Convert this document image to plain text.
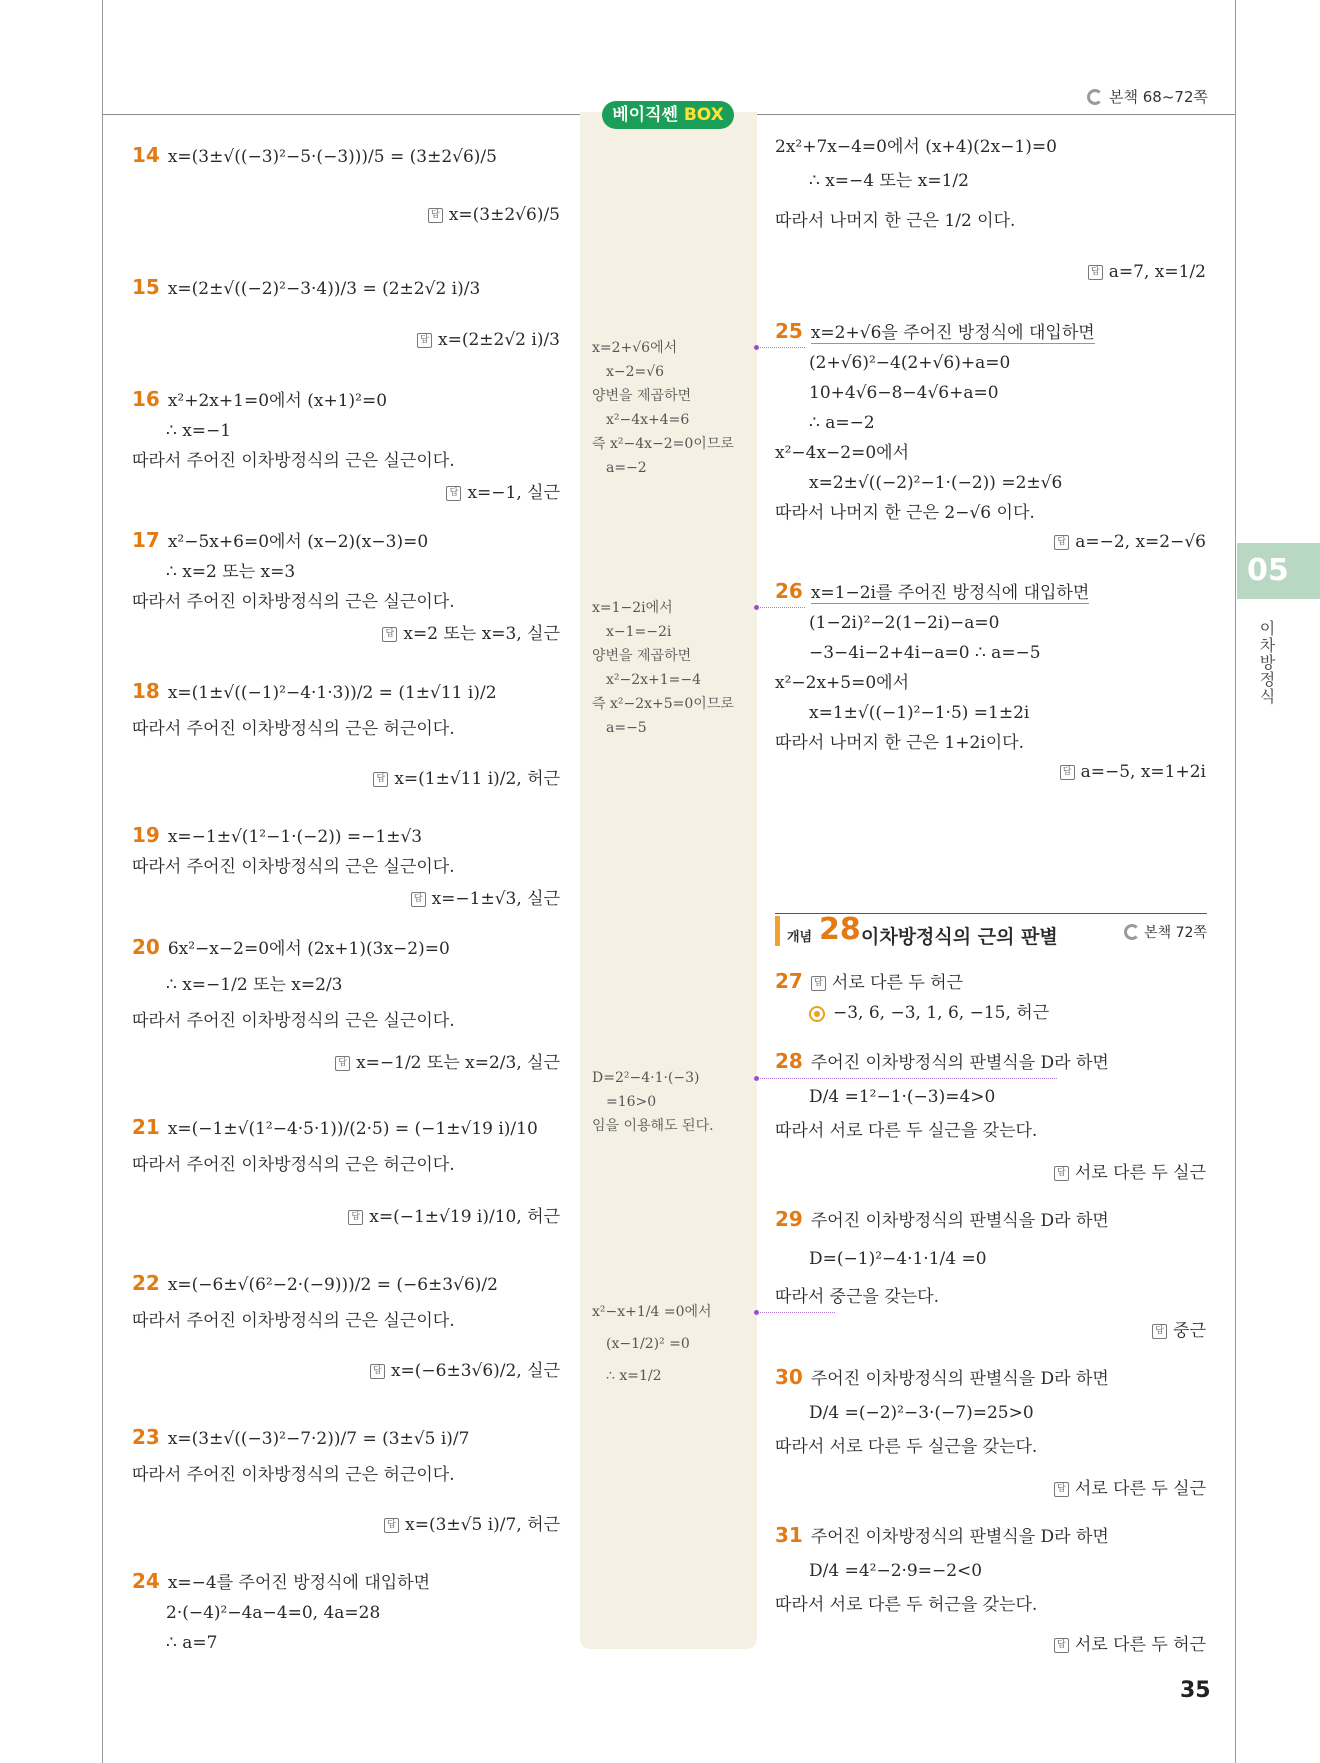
본책 68~72쪽
베이직쎈 BOX
05
이차방정식
35
14 x=(3±√((−3)²−5·(−3)))/5 = (3±2√6)/5
답 x=(3±2√6)/5
15 x=(2±√((−2)²−3·4))/3 = (2±2√2 i)/3
답 x=(2±2√2 i)/3
16 x²+2x+1=0에서 (x+1)²=0
∴ x=−1
따라서 주어진 이차방정식의 근은 실근이다.
답 x=−1, 실근
17 x²−5x+6=0에서 (x−2)(x−3)=0
∴ x=2 또는 x=3
따라서 주어진 이차방정식의 근은 실근이다.
답 x=2 또는 x=3, 실근
18 x=(1±√((−1)²−4·1·3))/2 = (1±√11 i)/2
따라서 주어진 이차방정식의 근은 허근이다.
답 x=(1±√11 i)/2, 허근
19 x=−1±√(1²−1·(−2)) =−1±√3
따라서 주어진 이차방정식의 근은 실근이다.
답 x=−1±√3, 실근
20 6x²−x−2=0에서 (2x+1)(3x−2)=0
∴ x=−1/2 또는 x=2/3
따라서 주어진 이차방정식의 근은 실근이다.
답 x=−1/2 또는 x=2/3, 실근
21 x=(−1±√(1²−4·5·1))/(2·5) = (−1±√19 i)/10
따라서 주어진 이차방정식의 근은 허근이다.
답 x=(−1±√19 i)/10, 허근
22 x=(−6±√(6²−2·(−9)))/2 = (−6±3√6)/2
따라서 주어진 이차방정식의 근은 실근이다.
답 x=(−6±3√6)/2, 실근
23 x=(3±√((−3)²−7·2))/7 = (3±√5 i)/7
따라서 주어진 이차방정식의 근은 허근이다.
답 x=(3±√5 i)/7, 허근
24 x=−4를 주어진 방정식에 대입하면
2·(−4)²−4a−4=0, 4a=28
∴ a=7
x=2+√6에서
x−2=√6
양변을 제곱하면
x²−4x+4=6
즉 x²−4x−2=0이므로
a=−2
x=1−2i에서
x−1=−2i
양변을 제곱하면
x²−2x+1=−4
즉 x²−2x+5=0이므로
a=−5
D=2²−4·1·(−3)
=16>0
임을 이용해도 된다.
x²−x+1/4 =0에서
(x−1/2)² =0
∴ x=1/2
2x²+7x−4=0에서 (x+4)(2x−1)=0
∴ x=−4 또는 x=1/2
따라서 나머지 한 근은 1/2 이다.
답 a=7, x=1/2
25 x=2+√6을 주어진 방정식에 대입하면
(2+√6)²−4(2+√6)+a=0
10+4√6−8−4√6+a=0
∴ a=−2
x²−4x−2=0에서
x=2±√((−2)²−1·(−2)) =2±√6
따라서 나머지 한 근은 2−√6 이다.
답 a=−2, x=2−√6
26 x=1−2i를 주어진 방정식에 대입하면
(1−2i)²−2(1−2i)−a=0
−3−4i−2+4i−a=0 ∴ a=−5
x²−2x+5=0에서
x=1±√((−1)²−1·5) =1±2i
따라서 나머지 한 근은 1+2i이다.
답 a=−5, x=1+2i
개념 28 이차방정식의 근의 판별	본책 72쪽
27 답 서로 다른 두 허근
−3, 6, −3, 1, 6, −15, 허근
28 주어진 이차방정식의 판별식을 D라 하면
D/4 =1²−1·(−3)=4>0
따라서 서로 다른 두 실근을 갖는다.
답 서로 다른 두 실근
29 주어진 이차방정식의 판별식을 D라 하면
D=(−1)²−4·1·1/4 =0
따라서 중근을 갖는다.
답 중근
30 주어진 이차방정식의 판별식을 D라 하면
D/4 =(−2)²−3·(−7)=25>0
따라서 서로 다른 두 실근을 갖는다.
답 서로 다른 두 실근
31 주어진 이차방정식의 판별식을 D라 하면
D/4 =4²−2·9=−2<0
따라서 서로 다른 두 허근을 갖는다.
답 서로 다른 두 허근
